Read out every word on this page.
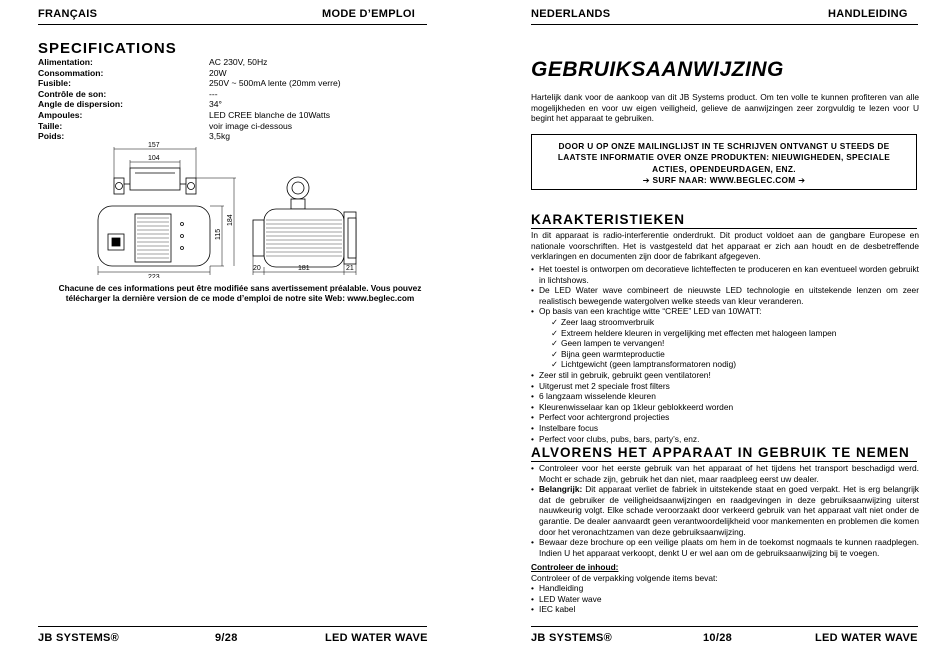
FRANÇAIS	MODE D’EMPLOI
SPECIFICATIONS
Alimentation:	AC 230V, 50Hz
Consommation:	20W
Fusible:	250V ~ 500mA lente (20mm verre)
Contrôle de son:	---
Angle de dispersion:	34°
Ampoules:	LED CREE blanche de 10Watts
Taille:	voir image ci-dessous
Poids:	3,5kg
157
104
223
115
184
20	181	21
Chacune de ces informations peut être modifiée sans avertissement préalable. Vous pouvez
télécharger la dernière version de ce mode d’emploi de notre site Web: www.beglec.com
JB SYSTEMS®	9/28	LED WATER WAVE
NEDERLANDS	HANDLEIDING
GEBRUIKSAANWIJZING
Hartelijk dank voor de aankoop van dit JB Systems product. Om ten volle te kunnen profiteren van alle mogelijkheden en voor uw eigen veiligheid, gelieve de aanwijzingen zeer zorgvuldig te lezen voor U begint het apparaat te gebruiken.
DOOR U OP ONZE MAILINGLIJST IN TE SCHRIJVEN ONTVANGT U STEEDS DE
LAATSTE INFORMATIE OVER ONZE PRODUKTEN: NIEUWIGHEDEN, SPECIALE
ACTIES, OPENDEURDAGEN, ENZ.
➔ SURF NAAR: WWW.BEGLEC.COM ➔
KARAKTERISTIEKEN
In dit apparaat is radio-interferentie onderdrukt. Dit product voldoet aan de gangbare Europese en nationale voorschriften. Het is vastgesteld dat het apparaat er zich aan houdt en de desbetreffende verklaringen en documenten zijn door de fabrikant afgegeven.
• Het toestel is ontworpen om decoratieve lichteffecten te produceren en kan eventueel worden gebruikt in lichtshows.
• De LED Water wave combineert de nieuwste LED technologie en uitstekende lenzen om zeer realistisch bewegende watergolven welke steeds van kleur veranderen.
• Op basis van een krachtige witte “CREE” LED van 10WATT:
✓ Zeer laag stroomverbruik
✓ Extreem heldere kleuren in vergelijking met effecten met halogeen lampen
✓ Geen lampen te vervangen!
✓ Bijna geen warmteproductie
✓ Lichtgewicht (geen lamptransformatoren nodig)
• Zeer stil in gebruik, gebruikt geen ventilatoren!
• Uitgerust met 2 speciale frost filters
• 6 langzaam wisselende kleuren
• Kleurenwisselaar kan op 1kleur geblokkeerd worden
• Perfect voor achtergrond projecties
• Instelbare focus
• Perfect voor clubs, pubs, bars, party’s, enz.
ALVORENS HET APPARAAT IN GEBRUIK TE NEMEN
• Controleer voor het eerste gebruik van het apparaat of het tijdens het transport beschadigd werd. Mocht er schade zijn, gebruik het dan niet, maar raadpleeg eerst uw dealer.
• Belangrijk: Dit apparaat verliet de fabriek in uitstekende staat en goed verpakt. Het is erg belangrijk dat de gebruiker de veiligheidsaanwijzingen en raadgevingen in deze gebruiksaanwijzing uiterst nauwkeurig volgt. Elke schade veroorzaakt door verkeerd gebruik van het apparaat valt niet onder de garantie. De dealer aanvaardt geen verantwoordelijkheid voor mankementen en problemen die komen door het veronachtzamen van deze gebruiksaanwijzing.
• Bewaar deze brochure op een veilige plaats om hem in de toekomst nogmaals te kunnen raadplegen. Indien U het apparaat verkoopt, denkt U er wel aan om de gebruiksaanwijzing bij te voegen.
Controleer de inhoud:
Controleer of de verpakking volgende items bevat:
• Handleiding
• LED Water wave
• IEC kabel
JB SYSTEMS®	10/28	LED WATER WAVE
